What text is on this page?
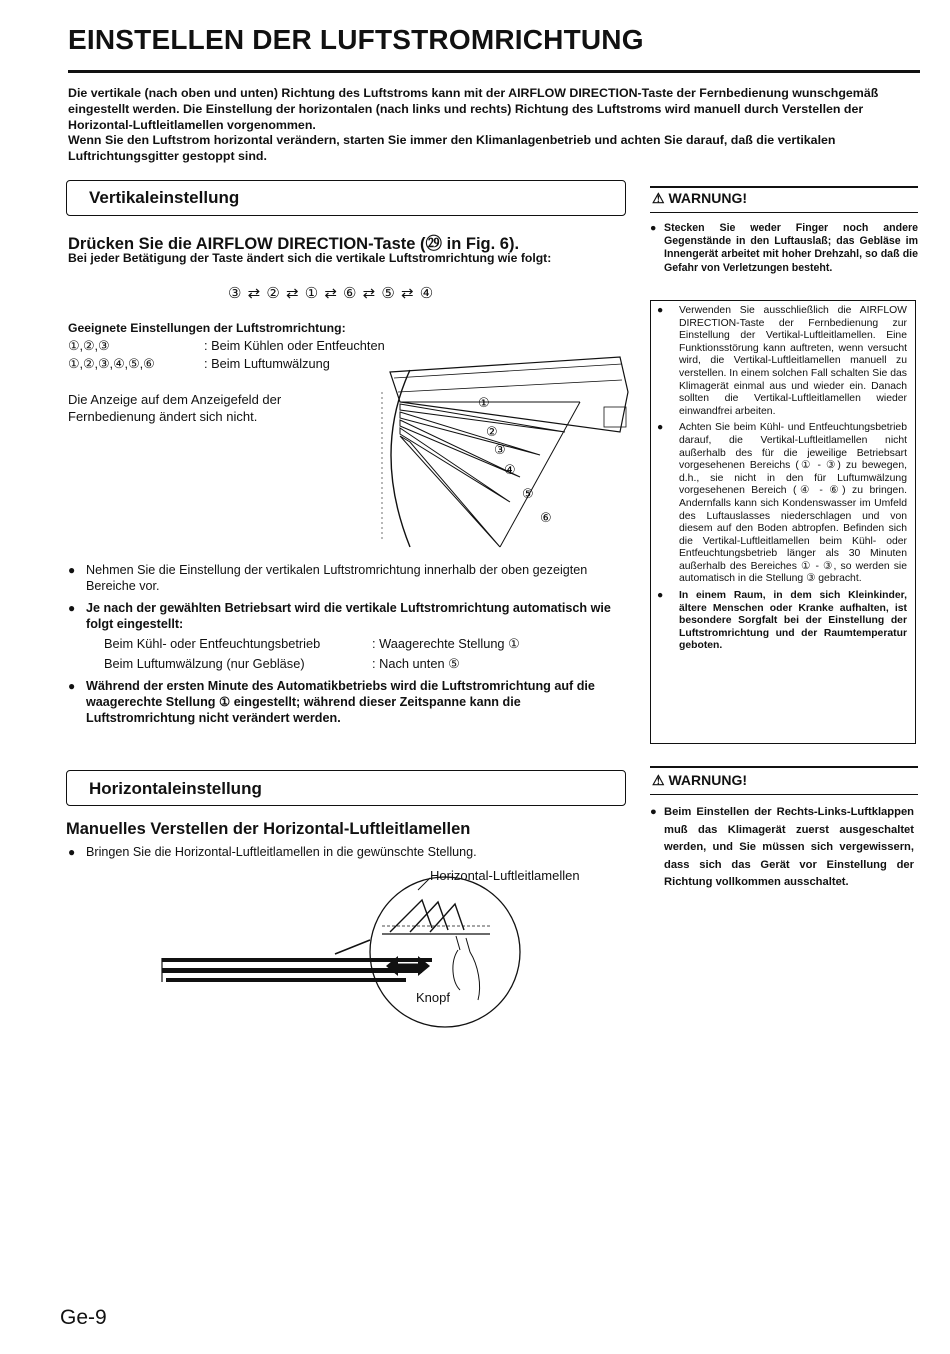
EINSTELLEN DER LUFTSTROMRICHTUNG

Die vertikale (nach oben und unten) Richtung des Luftstroms kann mit der AIRFLOW DIRECTION-Taste der Fernbedienung wunschgemäß eingestellt werden. Die Einstellung der horizontalen (nach links und rechts) Richtung des Luftstroms wird manuell durch Verstellen der Horizontal-Luftleitlamellen vorgenommen.

Wenn Sie den Luftstrom horizontal verändern, starten Sie immer den Klimanlagenbetrieb und achten Sie darauf, daß die vertikalen Luftrichtungsgitter gestoppt sind.

Vertikaleinstellung
Drücken Sie die AIRFLOW DIRECTION-Taste (㉙ in Fig. 6).
Bei jeder Betätigung der Taste ändert sich die vertikale Luftstromrichtung wie folgt:
③ ⇄ ② ⇄ ① ⇄ ⑥ ⇄ ⑤ ⇄ ④
Geeignete Einstellungen der Luftstromrichtung:
①,②,③	: Beim Kühlen oder Entfeuchten
①,②,③,④,⑤,⑥	: Beim Luftumwälzung
Die Anzeige auf dem Anzeigefeld der Fernbedienung ändert sich nicht.
①
②
③
④
⑤
⑥
● Nehmen Sie die Einstellung der vertikalen Luftstromrichtung innerhalb der oben gezeigten Bereiche vor.
● Je nach der gewählten Betriebsart wird die vertikale Luftstromrichtung automatisch wie folgt eingestellt:
Beim Kühl- oder Entfeuchtungsbetrieb	: Waagerechte Stellung ①
Beim Luftumwälzung (nur Gebläse)	: Nach unten ⑤
● Während der ersten Minute des Automatikbetriebs wird die Luftstromrichtung auf die waagerechte Stellung ① eingestellt; während dieser Zeitspanne kann die Luftstromrichtung nicht verändert werden.
⚠ WARNUNG!
● Stecken Sie weder Finger noch andere Gegenstände in den Luftauslaß; das Gebläse im Innengerät arbeitet mit hoher Drehzahl, so daß die Gefahr von Verletzungen besteht.
●	Verwenden Sie ausschließlich die AIRFLOW DIRECTION-Taste der Fernbedienung zur Einstellung der Vertikal-Luftleitlamellen. Eine Funktionsstörung kann auftreten, wenn versucht wird, die Vertikal-Luftleitlamellen manuell zu verstellen. In einem solchen Fall schalten Sie das Klimagerät einmal aus und wieder ein. Danach sollten die Vertikal-Luftleitlamellen wieder einwandfrei arbeiten.
●	Achten Sie beim Kühl- und Entfeuchtungsbetrieb darauf, die Vertikal-Luftleitlamellen nicht außerhalb des für die jeweilige Betriebsart vorgesehenen Bereichs (① - ③) zu bewegen, d.h., sie nicht in den für Luftumwälzung vorgesehenen Bereich (④ - ⑥) zu bringen. Andernfalls kann sich Kondenswasser im Umfeld des Luftauslasses niederschlagen und von diesem auf den Boden abtropfen. Befinden sich die Vertikal-Luftleitlamellen beim Kühl- oder Entfeuchtungsbetrieb länger als 30 Minuten außerhalb des Bereiches ① - ③, so werden sie automatisch in die Stellung ③ gebracht.
●	In einem Raum, in dem sich Kleinkinder, ältere Menschen oder Kranke aufhalten, ist besondere Sorgfalt bei der Einstellung der Luftstromrichtung und der Raumtemperatur geboten.
Horizontaleinstellung
Manuelles Verstellen der Horizontal-Luftleitlamellen
● Bringen Sie die Horizontal-Luftleitlamellen in die gewünschte Stellung.
Horizontal-Luftleitlamellen
Knopf
⚠ WARNUNG!
● Beim Einstellen der Rechts-Links-Luftklappen muß das Klimagerät zuerst ausgeschaltet werden, und Sie müssen sich vergewissern, dass sich das Gerät vor Einstellung der Richtung vollkommen ausschaltet.
Ge-9
